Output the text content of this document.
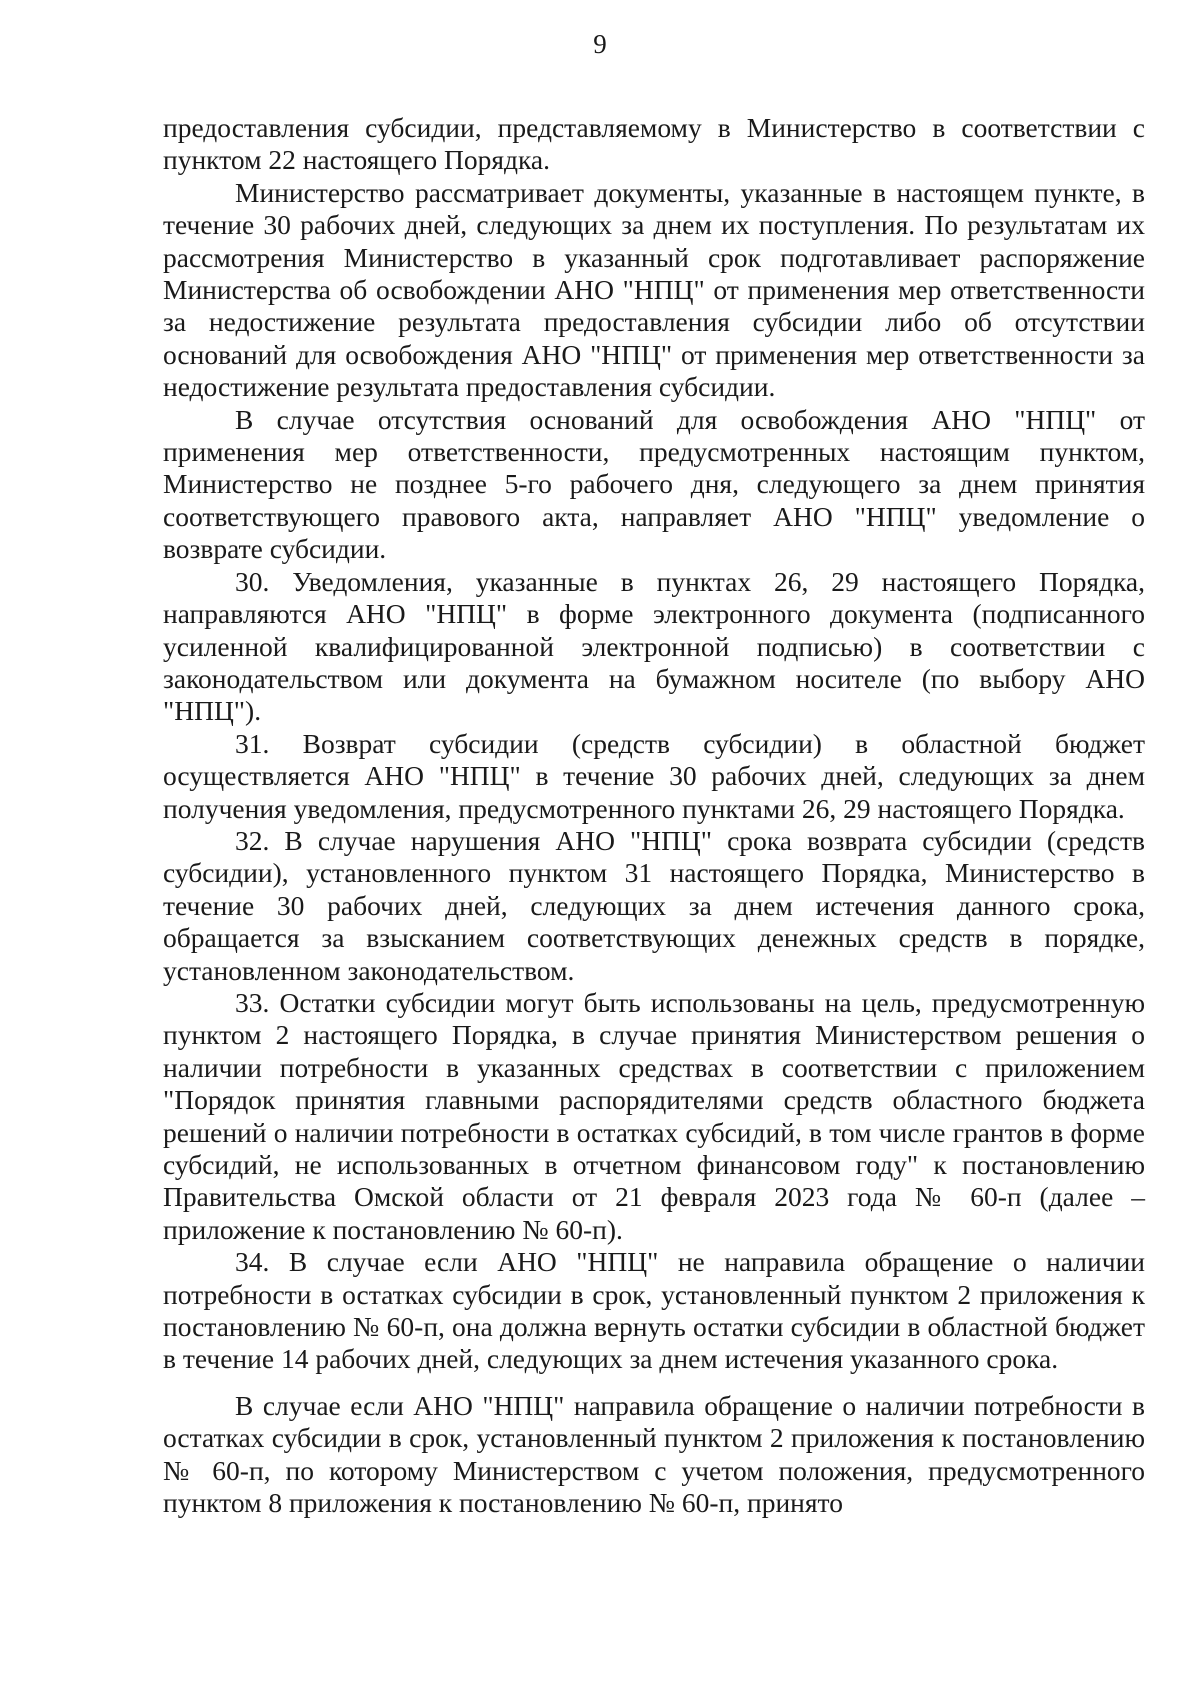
9

предоставления субсидии, представляемому в Министерство в соответствии с пунктом 22 настоящего Порядка.

Министерство рассматривает документы, указанные в настоящем пункте, в течение 30 рабочих дней, следующих за днем их поступления. По результатам их рассмотрения Министерство в указанный срок подготавливает распоряжение Министерства об освобождении АНО "НПЦ" от применения мер ответственности за недостижение результата предоставления субсидии либо об отсутствии оснований для освобождения АНО "НПЦ" от применения мер ответственности за недостижение результата предоставления субсидии.

В случае отсутствия оснований для освобождения АНО "НПЦ" от применения мер ответственности, предусмотренных настоящим пунктом, Министерство не позднее 5-го рабочего дня, следующего за днем принятия соответствующего правового акта, направляет АНО "НПЦ" уведомление о возврате субсидии.

30. Уведомления, указанные в пунктах 26, 29 настоящего Порядка, направляются АНО "НПЦ" в форме электронного документа (подписанного усиленной квалифицированной электронной подписью) в соответствии с законодательством или документа на бумажном носителе (по выбору АНО "НПЦ").

31. Возврат субсидии (средств субсидии) в областной бюджет осуществляется АНО "НПЦ" в течение 30 рабочих дней, следующих за днем получения уведомления, предусмотренного пунктами 26, 29 настоящего Порядка.

32. В случае нарушения АНО "НПЦ" срока возврата субсидии (средств субсидии), установленного пунктом 31 настоящего Порядка, Министерство в течение 30 рабочих дней, следующих за днем истечения данного срока, обращается за взысканием соответствующих денежных средств в порядке, установленном законодательством.

33. Остатки субсидии могут быть использованы на цель, предусмотренную пунктом 2 настоящего Порядка, в случае принятия Министерством решения о наличии потребности в указанных средствах в соответствии с приложением "Порядок принятия главными распорядителями средств областного бюджета решений о наличии потребности в остатках субсидий, в том числе грантов в форме субсидий, не использованных в отчетном финансовом году" к постановлению Правительства Омской области от 21 февраля 2023 года № 60-п (далее – приложение к постановлению № 60-п).

34. В случае если АНО "НПЦ" не направила обращение о наличии потребности в остатках субсидии в срок, установленный пунктом 2 приложения к постановлению № 60-п, она должна вернуть остатки субсидии в областной бюджет в течение 14 рабочих дней, следующих за днем истечения указанного срока.

В случае если АНО "НПЦ" направила обращение о наличии потребности в остатках субсидии в срок, установленный пунктом 2 приложения к постановлению № 60-п, по которому Министерством с учетом положения, предусмотренного пунктом 8 приложения к постановлению № 60-п, принято
